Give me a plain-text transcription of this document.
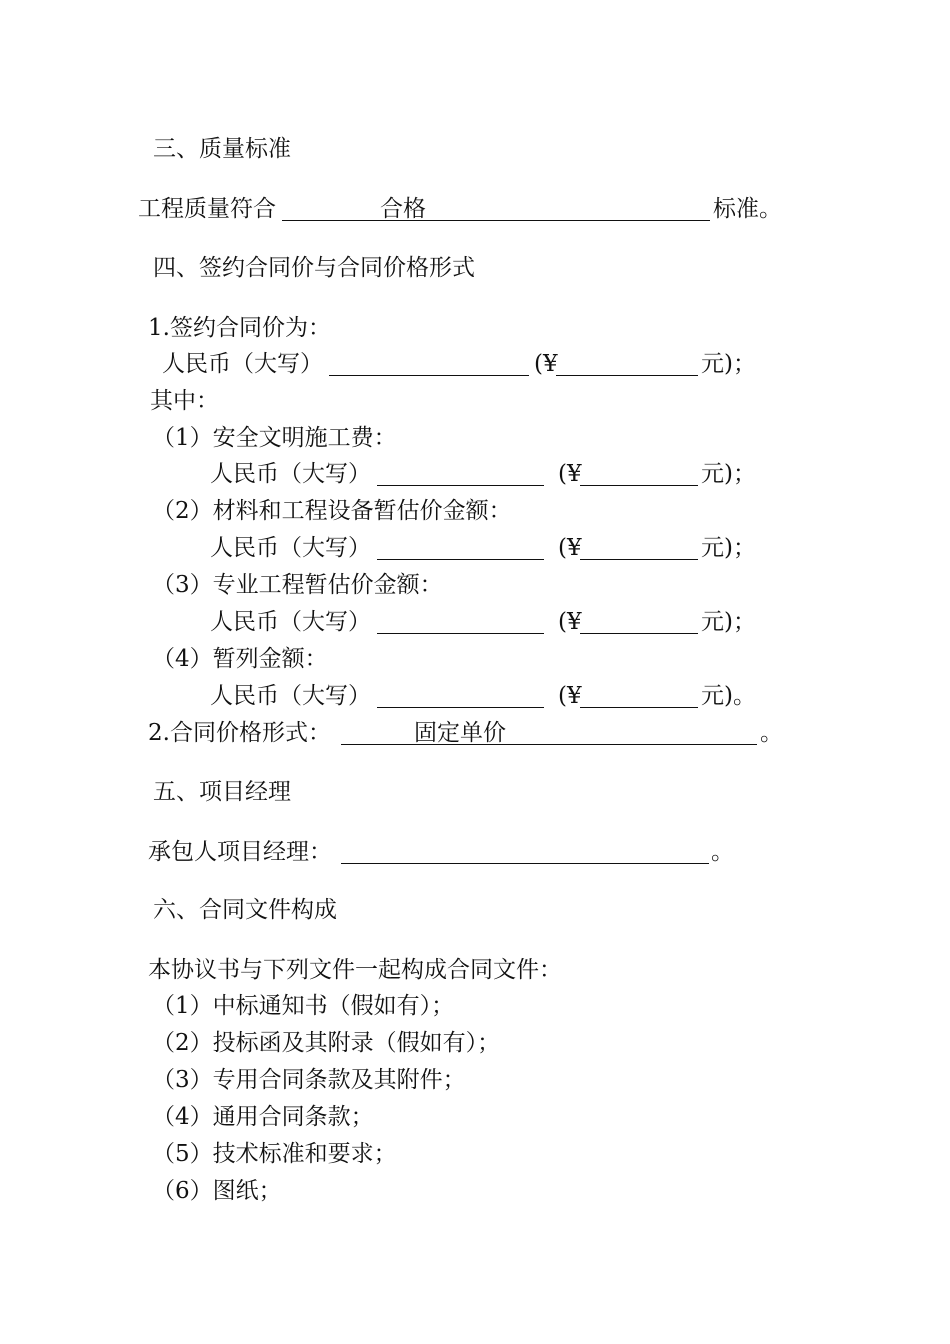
三、质量标准
工程质量符合	合格	标准。
四、签约合同价与合同价格形式
1.签约合同价为：
人民币（大写）	(¥	元)；
其中：
（1）安全文明施工费：
人民币（大写）	(¥	元)；
（2）材料和工程设备暂估价金额：
人民币（大写）	(¥	元)；
（3）专业工程暂估价金额：
人民币（大写）	(¥	元)；
（4）暂列金额：
人民币（大写）	(¥	元)。
2.合同价格形式：	固定单价	。
五、项目经理
承包人项目经理：	。
六、合同文件构成
本协议书与下列文件一起构成合同文件：
（1）中标通知书（假如有）；
（2）投标函及其附录（假如有）；
（3）专用合同条款及其附件；
（4）通用合同条款；
（5）技术标准和要求；
（6）图纸；
